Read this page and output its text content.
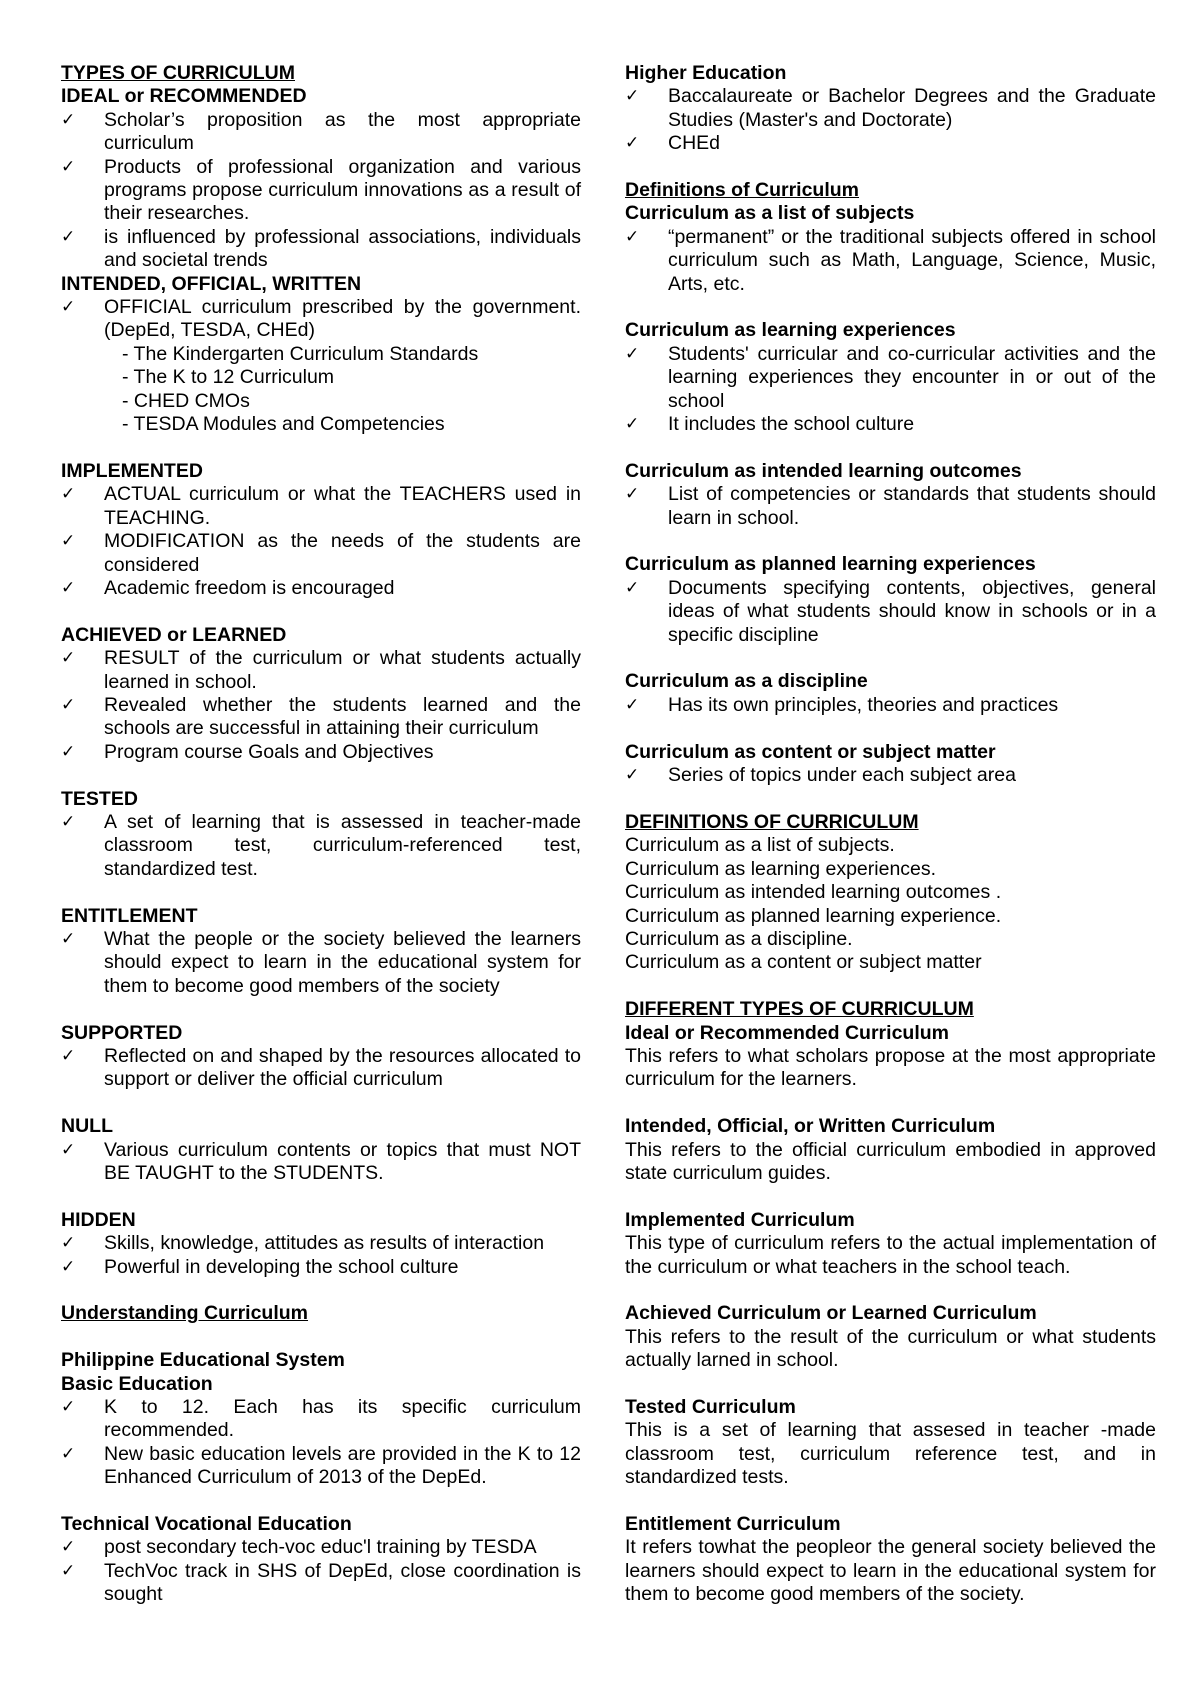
TYPES OF CURRICULUM
IDEAL or RECOMMENDED
✓	Scholar’s proposition as the most appropriate curriculum
✓	Products of professional organization and various programs propose curriculum innovations as a result of their researches.
✓	is influenced by professional associations, individuals and societal trends
INTENDED, OFFICIAL, WRITTEN
✓	OFFICIAL curriculum prescribed by the government. (DepEd, TESDA, CHEd)
- The Kindergarten Curriculum Standards
- The K to 12 Curriculum
- CHED CMOs
- TESDA Modules and Competencies
IMPLEMENTED
✓	ACTUAL curriculum or what the TEACHERS used in TEACHING.
✓	MODIFICATION as the needs of the students are considered
✓	Academic freedom is encouraged
ACHIEVED or LEARNED
✓	RESULT of the curriculum or what students actually learned in school.
✓	Revealed whether the students learned and the schools are successful in attaining their curriculum
✓	Program course Goals and Objectives
TESTED
✓	A set of learning that is assessed in teacher-made classroom test, curriculum-referenced test, standardized test.
ENTITLEMENT
✓	What the people or the society believed the learners should expect to learn in the educational system for them to become good members of the society
SUPPORTED
✓	Reflected on and shaped by the resources allocated to support or deliver the official curriculum
NULL
✓	Various curriculum contents or topics that must NOT BE TAUGHT to the STUDENTS.
HIDDEN
✓	Skills, knowledge, attitudes as results of interaction
✓	Powerful in developing the school culture
Understanding Curriculum
Philippine Educational System
Basic Education
✓	K to 12. Each has its specific curriculum recommended.
✓	New basic education levels are provided in the K to 12 Enhanced Curriculum of 2013 of the DepEd.
Technical Vocational Education
✓	post secondary tech-voc educ'l training by TESDA
✓	TechVoc track in SHS of DepEd, close coordination is sought
Higher Education
✓	Baccalaureate or Bachelor Degrees and the Graduate Studies (Master's and Doctorate)
✓	CHEd
Definitions of Curriculum
Curriculum as a list of subjects
✓	“permanent” or the traditional subjects offered in school curriculum such as Math, Language, Science, Music, Arts, etc.
Curriculum as learning experiences
✓	Students' curricular and co-curricular activities and the learning experiences they encounter in or out of the school
✓	It includes the school culture
Curriculum as intended learning outcomes
✓	List of competencies or standards that students should learn in school.
Curriculum as planned learning experiences
✓	Documents specifying contents, objectives, general ideas of what students should know in schools or in a specific discipline
Curriculum as a discipline
✓	Has its own principles, theories and practices
Curriculum as content or subject matter
✓	Series of topics under each subject area
DEFINITIONS OF CURRICULUM
Curriculum as a list of subjects.
Curriculum as learning experiences.
Curriculum as intended learning outcomes .
Curriculum as planned learning experience.
Curriculum as a discipline.
Curriculum as a content or subject matter
DIFFERENT TYPES OF CURRICULUM
Ideal or Recommended Curriculum
This refers to what scholars propose at the most appropriate curriculum for the learners.
Intended, Official, or Written Curriculum
This refers to the official curriculum embodied in approved state curriculum guides.
Implemented Curriculum
This type of curriculum refers to the actual implementation of the curriculum or what teachers in the school teach.
Achieved Curriculum or Learned Curriculum
This refers to the result of the curriculum or what students actually larned in school.
Tested Curriculum
This is a set of learning that assesed in teacher -made classroom test, curriculum reference test, and in standardized tests.
Entitlement Curriculum
It refers towhat the peopleor the general society believed the learners should expect to learn in the educational system for them to become good members of the society.
